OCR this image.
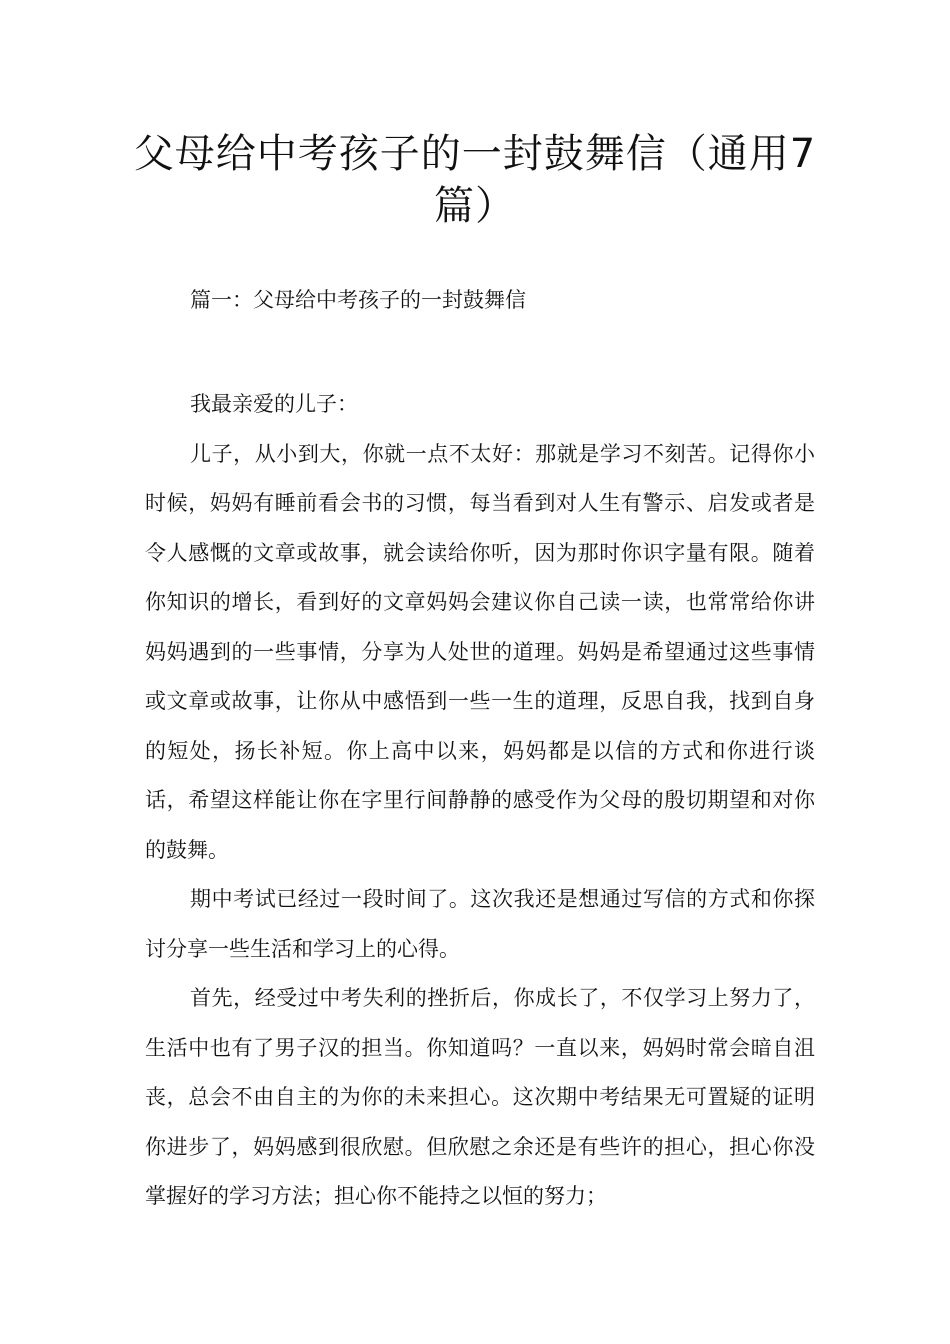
父母给中考孩子的一封鼓舞信（通用7篇）
篇一：父母给中考孩子的一封鼓舞信

我最亲爱的儿子：

儿子，从小到大，你就一点不太好：那就是学习不刻苦。记得你小时候，妈妈有睡前看会书的习惯，每当看到对人生有警示、启发或者是令人感慨的文章或故事，就会读给你听，因为那时你识字量有限。随着你知识的增长，看到好的文章妈妈会建议你自己读一读，也常常给你讲妈妈遇到的一些事情，分享为人处世的道理。妈妈是希望通过这些事情或文章或故事，让你从中感悟到一些一生的道理，反思自我，找到自身的短处，扬长补短。你上高中以来，妈妈都是以信的方式和你进行谈话，希望这样能让你在字里行间静静的感受作为父母的殷切期望和对你的鼓舞。

期中考试已经过一段时间了。这次我还是想通过写信的方式和你探讨分享一些生活和学习上的心得。

首先，经受过中考失利的挫折后，你成长了，不仅学习上努力了，生活中也有了男子汉的担当。你知道吗？一直以来，妈妈时常会暗自沮丧，总会不由自主的为你的未来担心。这次期中考结果无可置疑的证明你进步了，妈妈感到很欣慰。但欣慰之余还是有些许的担心，担心你没掌握好的学习方法；担心你不能持之以恒的努力；
